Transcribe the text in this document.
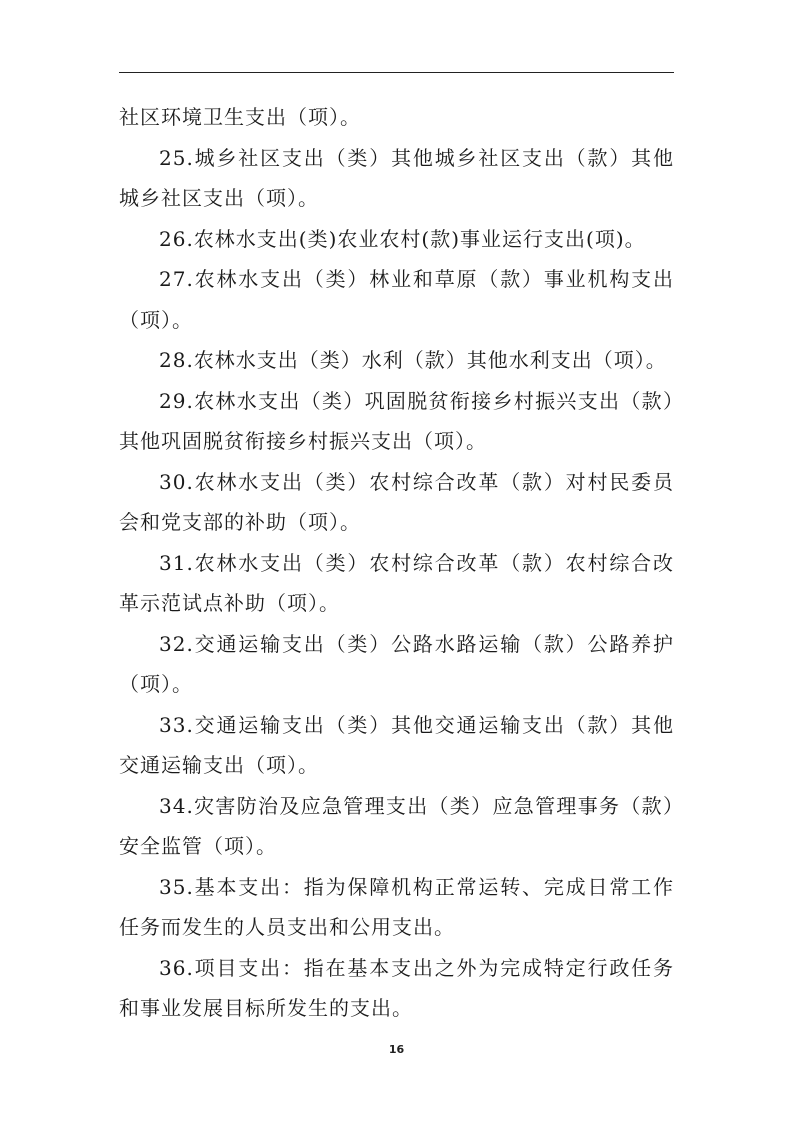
社区环境卫生支出（项）。

25.城乡社区支出（类）其他城乡社区支出（款）其他城乡社区支出（项）。

26.农林水支出(类)农业农村(款)事业运行支出(项)。

27.农林水支出（类）林业和草原（款）事业机构支出（项）。

28.农林水支出（类）水利（款）其他水利支出（项）。

29.农林水支出（类）巩固脱贫衔接乡村振兴支出（款）其他巩固脱贫衔接乡村振兴支出（项）。

30.农林水支出（类）农村综合改革（款）对村民委员会和党支部的补助（项）。

31.农林水支出（类）农村综合改革（款）农村综合改革示范试点补助（项）。

32.交通运输支出（类）公路水路运输（款）公路养护（项）。

33.交通运输支出（类）其他交通运输支出（款）其他交通运输支出（项）。

34.灾害防治及应急管理支出（类）应急管理事务（款）安全监管（项）。

35.基本支出：指为保障机构正常运转、完成日常工作任务而发生的人员支出和公用支出。

36.项目支出：指在基本支出之外为完成特定行政任务和事业发展目标所发生的支出。

16
